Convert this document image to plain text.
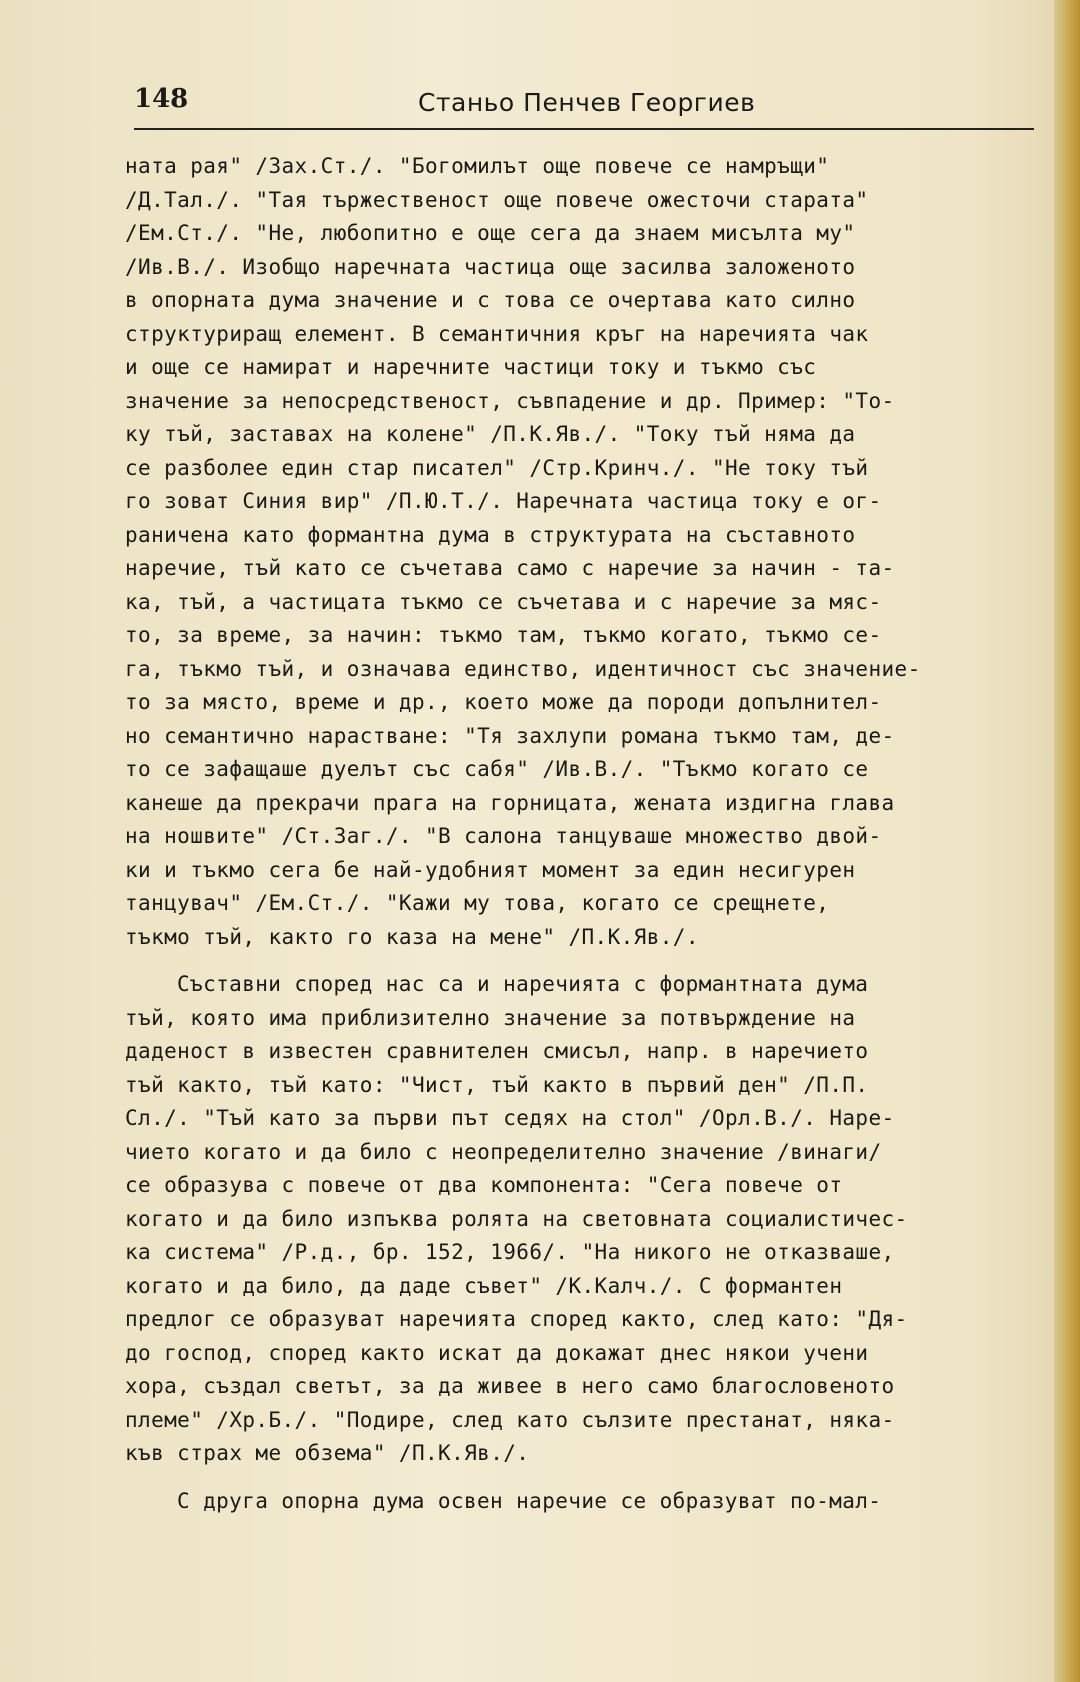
148	Станьо Пенчев Георгиев
ната рая" /Зах.Ст./. "Богомилът още повече се намръщи"
/Д.Тал./. "Тая тържественост още повече ожесточи старата"
/Ем.Ст./. "Не, любопитно е още сега да знаем мисълта му"
/Ив.В./. Изобщо наречната частица още засилва заложеното
в опорната дума значение и с това се очертава като силно
структуриращ елемент. В семантичния кръг на наречията чак
и още се намират и наречните частици току и тъкмо със
значение за непосредственост, съвпадение и др. Пример: "То-
ку тъй, заставах на колене" /П.К.Яв./. "Току тъй няма да
се разболее един стар писател" /Стр.Кринч./. "Не току тъй
го зоват Синия вир" /П.Ю.Т./. Наречната частица току е ог-
раничена като формантна дума в структурата на съставното
наречие, тъй като се съчетава само с наречие за начин - та-
ка, тъй, а частицата тъкмо се съчетава и с наречие за мяс-
то, за време, за начин: тъкмо там, тъкмо когато, тъкмо се-
га, тъкмо тъй, и означава единство, идентичност със значение-
то за място, време и др., което може да породи допълнител-
но семантично нарастване: "Тя захлупи романа тъкмо там, де-
то се зафащаше дуелът със сабя" /Ив.В./. "Тъкмо когато се
канеше да прекрачи прага на горницата, жената издигна глава
на ношвите" /Ст.Заг./. "В салона танцуваше множество двой-
ки и тъкмо сега бе най-удобният момент за един несигурен
танцувач" /Ем.Ст./. "Кажи му това, когато се срещнете,
тъкмо тъй, както го каза на мене" /П.К.Яв./.
Съставни според нас са и наречията с формантната дума
тъй, която има приблизително значение за потвърждение на
даденост в известен сравнителен смисъл, напр. в наречието
тъй както, тъй като: "Чист, тъй както в първий ден" /П.П.
Сл./. "Тъй като за първи път седях на стол" /Орл.В./. Наре-
чието когато и да било с неопределително значение /винаги/
се образува с повече от два компонента: "Сега повече от
когато и да било изпъква ролята на световната социалистичес-
ка система" /Р.д., бр. 152, 1966/. "На никого не отказваше,
когато и да било, да даде съвет" /К.Калч./. С формантен
предлог се образуват наречията според както, след като: "Дя-
до господ, според както искат да докажат днес някои учени
хора, създал светът, за да живее в него само благословеното
племе" /Хр.Б./. "Подире, след като сълзите престанат, няка-
къв страх ме обзема" /П.К.Яв./.
С друга опорна дума освен наречие се образуват по-мал-
